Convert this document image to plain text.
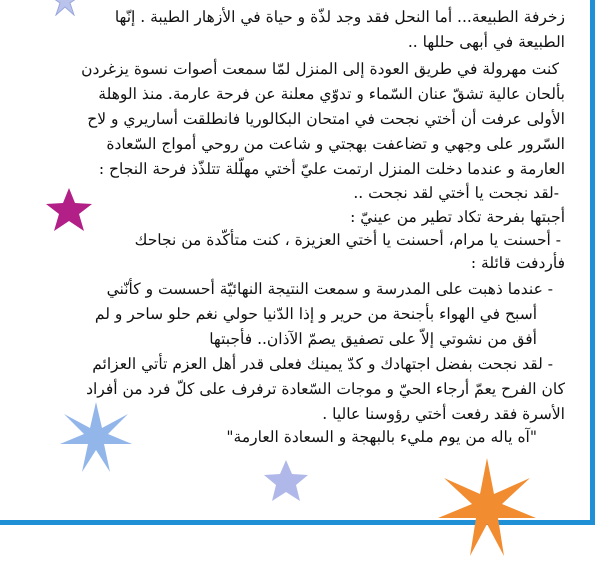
زخرفة الطبيعة... أما النحل فقد وجد لذّة و حياة في الأزهار الطيبة . إنّها
الطبيعة في أبهى حللها ..
كنت مهرولة في طريق العودة إلى المنزل لمّا سمعت أصوات نسوة يزغردن
بألحان عالية تشقّ عنان السّماء و تدوّي معلنة عن فرحة عارمة. منذ الوهلة
الأولى عرفت أن أختي نجحت في امتحان البكالوريا فانطلقت أساريري و لاح
السّرور على وجهي و تضاعفت بهجتي و شاعت من روحي أمواج السّعادة
العارمة و عندما دخلت المنزل ارتمت عليّ أختي مهلّلة تتلذّذ فرحة النجاح :
-لقد نجحت يا أختي لقد نجحت ..
أجبتها بفرحة تكاد تطير من عينيّ :
- أحسنت يا مرام، أحسنت يا أختي العزيزة ، كنت متأكّدة من نجاحك
فأردفت قائلة :
- عندما ذهبت على المدرسة و سمعت النتيجة النهائيّة أحسست و كأنّني
أسبح في الهواء بأجنحة من حرير و إذا الدّنيا حولي نغم حلو ساحر و لم
أفق من نشوتي إلاّ على تصفيق يصمّ الآذان.. فأجبتها
- لقد نجحت بفضل اجتهادك و كدّ يمينك فعلى قدر أهل العزم تأتي العزائم
كان الفرح يعمّ أرجاء الحيّ و موجات السّعادة ترفرف على كلّ فرد من أفراد
الأسرة فقد رفعت أختي رؤوسنا عاليا .
"آه ياله من يوم مليء بالبهجة و السعادة العارمة"
